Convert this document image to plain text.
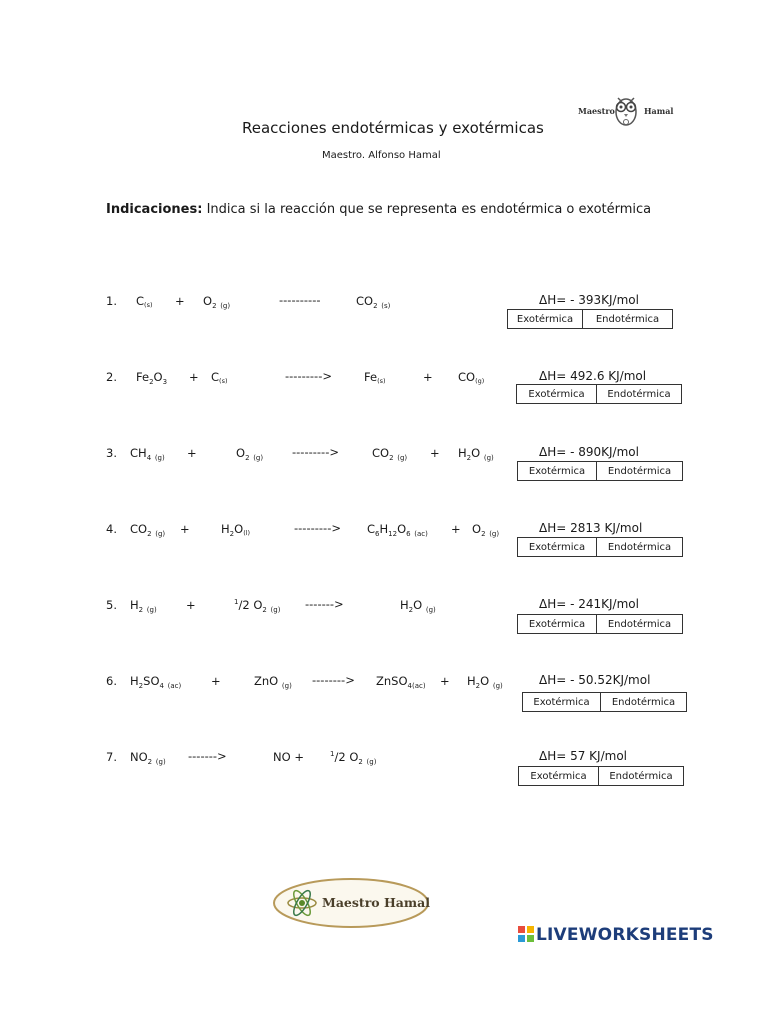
Maestro	Hamal
Reacciones endotérmicas y exotérmicas
Maestro. Alfonso Hamal
Indicaciones: Indica si la reacción que se representa es endotérmica o exotérmica
1. $C(s) + O_2$ $_{(g)}$	----------	$CO_2$ $_{(s)}$	ΔH= - 393KJ/mol
Exotérmica	Endotérmica
2. $Fe_2O_3 + C(s)$	--------->	Fe(s)	+ CO(g)	ΔH= 492.6 KJ/mol
Exotérmica	Endotérmica
3. $CH_4$ $_{(g)}$ +	$O_2$ $_{(g)}$	--------->	$CO_2$ $_{(g)} + H_2O$ $_{(g)}$	ΔH= - 890KJ/mol
Exotérmica	Endotérmica
4. $CO_2$ $_{(g)}$ +	$H_2O(l)$	---------> $C_6H_{12}O_6$ $_{(ac)} + O_2$ $_{(g)}$	ΔH= 2813 KJ/mol
Exotérmica	Endotérmica
5. $H_2$ $_{(g)}$	+	$^1$/2 $O_2$ $_{(g)}$ ------->	$H_2O$ $_{(g)}$	ΔH= - 241KJ/mol
Exotérmica	Endotérmica
6. $H_2SO_4$ $_{(ac)}$	+	ZnO $_{(g)}$ --------> ZnSO$_{4(ac)}$ + $H_2O$ $_{(g)}$	ΔH= - 50.52KJ/mol
Exotérmica	Endotérmica
7. $NO_2$ $_{(g)}$ ------->	NO +	$^1$/2 $O_2$ $_{(g)}$	ΔH= 57 KJ/mol
Exotérmica	Endotérmica
Maestro Hamal
LIVEWORKSHEETS
